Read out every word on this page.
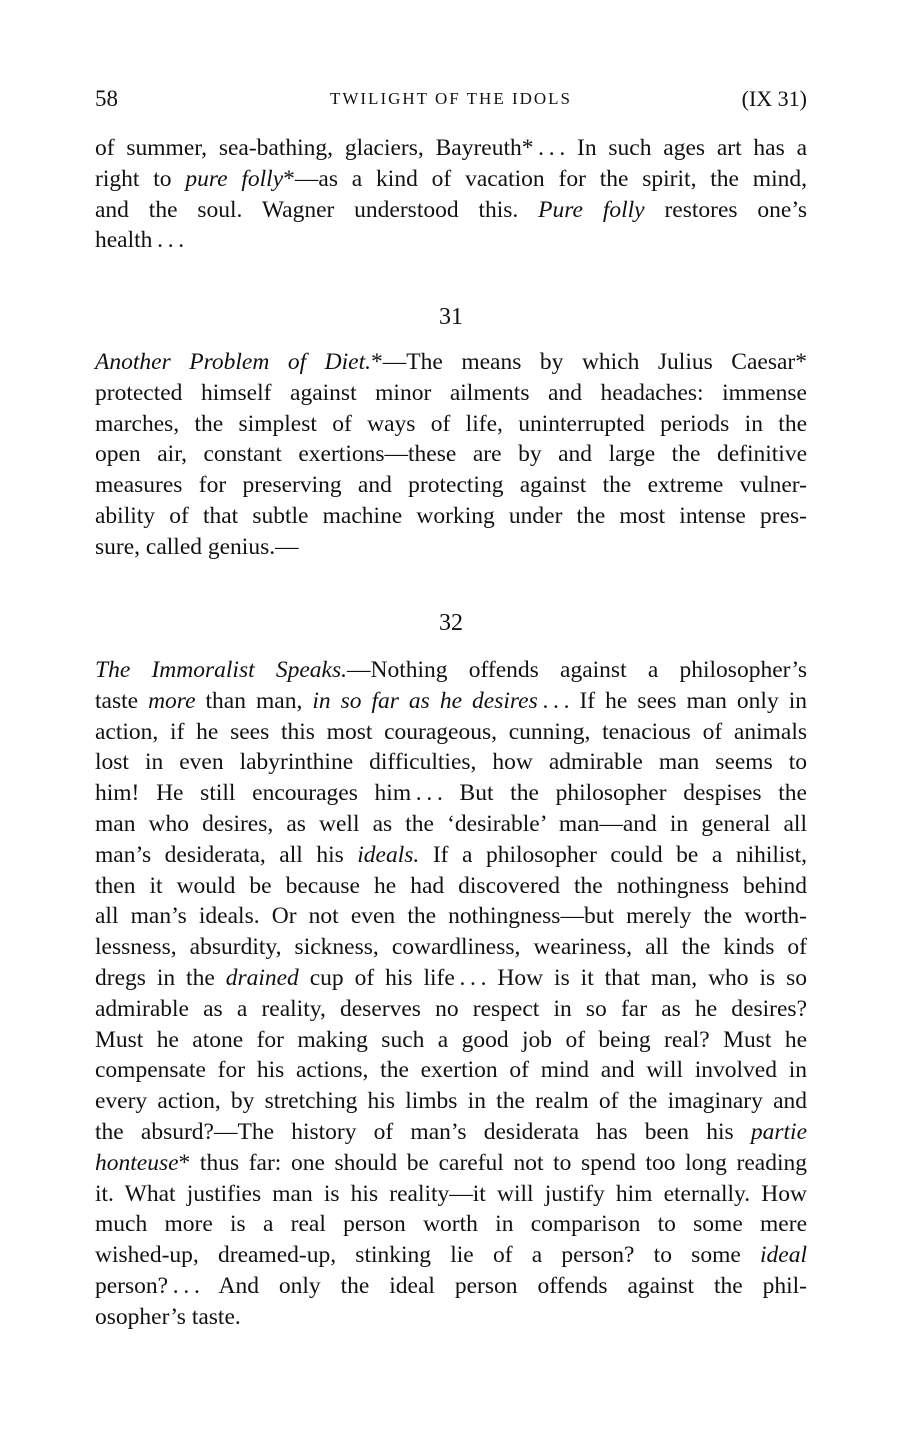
58	TWILIGHT OF THE IDOLS	(IX 31)
of summer, sea-bathing, glaciers, Bayreuth* . . . In such ages art has a
right to pure folly*—as a kind of vacation for the spirit, the mind,
and the soul. Wagner understood this. Pure folly restores one’s
health . . .
31
Another Problem of Diet.*—The means by which Julius Caesar*
protected himself against minor ailments and headaches: immense
marches, the simplest of ways of life, uninterrupted periods in the
open air, constant exertions—these are by and large the definitive
measures for preserving and protecting against the extreme vulner-
ability of that subtle machine working under the most intense pres-
sure, called genius.—
32
The Immoralist Speaks.—Nothing offends against a philosopher’s
taste more than man, in so far as he desires . . . If he sees man only in
action, if he sees this most courageous, cunning, tenacious of animals
lost in even labyrinthine difficulties, how admirable man seems to
him! He still encourages him . . . But the philosopher despises the
man who desires, as well as the ‘desirable’ man—and in general all
man’s desiderata, all his ideals. If a philosopher could be a nihilist,
then it would be because he had discovered the nothingness behind
all man’s ideals. Or not even the nothingness—but merely the worth-
lessness, absurdity, sickness, cowardliness, weariness, all the kinds of
dregs in the drained cup of his life . . . How is it that man, who is so
admirable as a reality, deserves no respect in so far as he desires?
Must he atone for making such a good job of being real? Must he
compensate for his actions, the exertion of mind and will involved in
every action, by stretching his limbs in the realm of the imaginary and
the absurd?—The history of man’s desiderata has been his partie
honteuse* thus far: one should be careful not to spend too long reading
it. What justifies man is his reality—it will justify him eternally. How
much more is a real person worth in comparison to some mere
wished-up, dreamed-up, stinking lie of a person? to some ideal
person? . . . And only the ideal person offends against the phil-
osopher’s taste.
